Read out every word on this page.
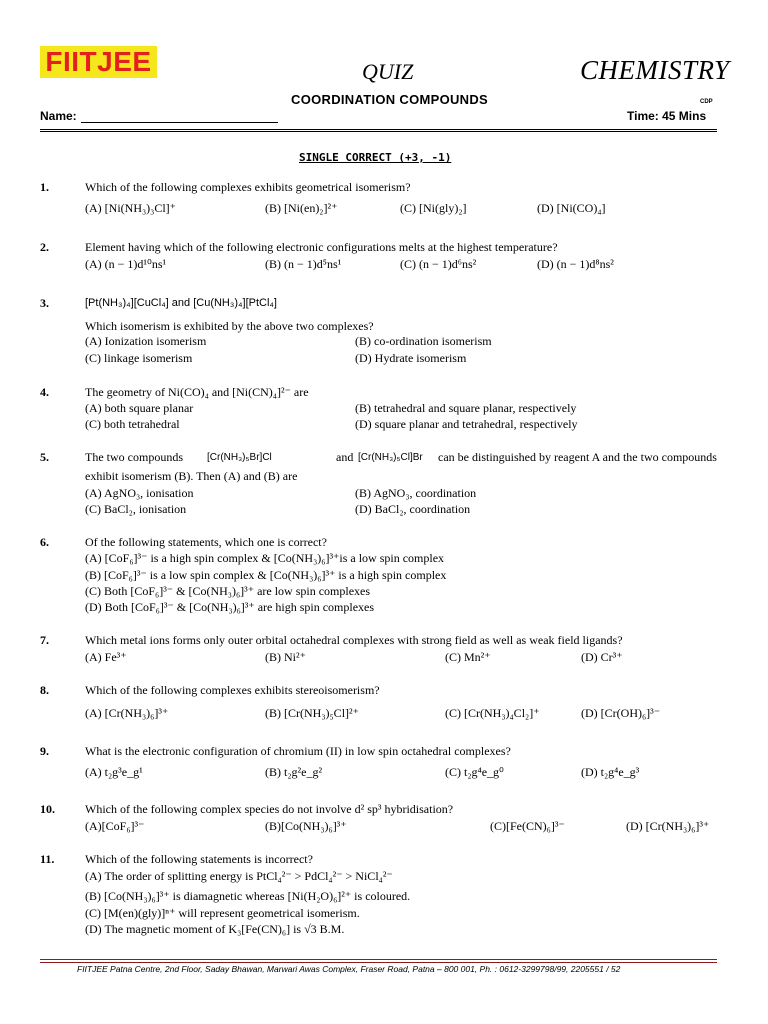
FIITJEE	QUIZ	CHEMISTRY
COORDINATION COMPOUNDS	CDP
Name:	Time: 45 Mins
SINGLE CORRECT (+3, -1)
1.	Which of the following complexes exhibits geometrical isomerism?
(A) [Ni(NH₃)₃Cl]⁺	(B) [Ni(en)₂]²⁺	(C) [Ni(gly)₂]	(D) [Ni(CO)₄]
2.	Element having which of the following electronic configurations melts at the highest temperature?
(A) (n − 1)d¹⁰ns¹	(B) (n − 1)d⁵ns¹	(C) (n − 1)d⁶ns²	(D) (n − 1)d⁸ns²
3.	[Pt(NH₃)₄][CuCl₄] and [Cu(NH₃)₄][PtCl₄]
Which isomerism is exhibited by the above two complexes?
(A) Ionization isomerism	(B) co-ordination isomerism
(C) linkage isomerism	(D) Hydrate isomerism
4.	The geometry of Ni(CO)₄ and [Ni(CN)₄]²⁻ are
(A) both square planar	(B) tetrahedral and square planar, respectively
(C) both tetrahedral	(D) square planar and tetrahedral, respectively
5.	The two compounds [Cr(NH₃)₅Br]Cl	and [Cr(NH₃)₅Cl]Br can be distinguished by reagent A and the two compounds
exhibit isomerism (B). Then (A) and (B) are
(A) AgNO₃, ionisation	(B) AgNO₃, coordination
(C) BaCl₂, ionisation	(D) BaCl₂, coordination
6.	Of the following statements, which one is correct?
(A) [CoF₆]³⁻ is a high spin complex & [Co(NH₃)₆]³⁺is a low spin complex
(B) [CoF₆]³⁻ is a low spin complex & [Co(NH₃)₆]³⁺ is a high spin complex
(C) Both [CoF₆]³⁻ & [Co(NH₃)₆]³⁺ are low spin complexes
(D) Both [CoF₆]³⁻ & [Co(NH₃)₆]³⁺ are high spin complexes
7.	Which metal ions forms only outer orbital octahedral complexes with strong field as well as weak field ligands?
(A) Fe³⁺	(B) Ni²⁺	(C) Mn²⁺	(D) Cr³⁺
8.	Which of the following complexes exhibits stereoisomerism?
(A) [Cr(NH₃)₆]³⁺	(B) [Cr(NH₃)₅Cl]²⁺	(C) [Cr(NH₃)₄Cl₂]⁺	(D) [Cr(OH)₆]³⁻
9.	What is the electronic configuration of chromium (II) in low spin octahedral complexes?
(A) t₂g³e_g¹	(B) t₂g²e_g²	(C) t₂g⁴e_g⁰	(D) t₂g⁴e_g³
10.	Which of the following complex species do not involve d² sp³ hybridisation?
(A)[CoF₆]³⁻	(B)[Co(NH₃)₆]³⁺	(C)[Fe(CN)₆]³⁻	(D) [Cr(NH₃)₆]³⁺
11.	Which of the following statements is incorrect?
(A) The order of splitting energy is PtCl₄²⁻ > PdCl₄²⁻ > NiCl₄²⁻
(B) [Co(NH₃)₆]³⁺ is diamagnetic whereas [Ni(H₂O)₆]²⁺ is coloured.
(C) [M(en)(gly)]ⁿ⁺ will represent geometrical isomerism.
(D) The magnetic moment of K₃[Fe(CN)₆] is √3 B.M.
FIITJEE Patna Centre, 2nd Floor, Saday Bhawan, Marwari Awas Complex, Fraser Road, Patna – 800 001, Ph. : 0612-3299798/99, 2205551 / 52
